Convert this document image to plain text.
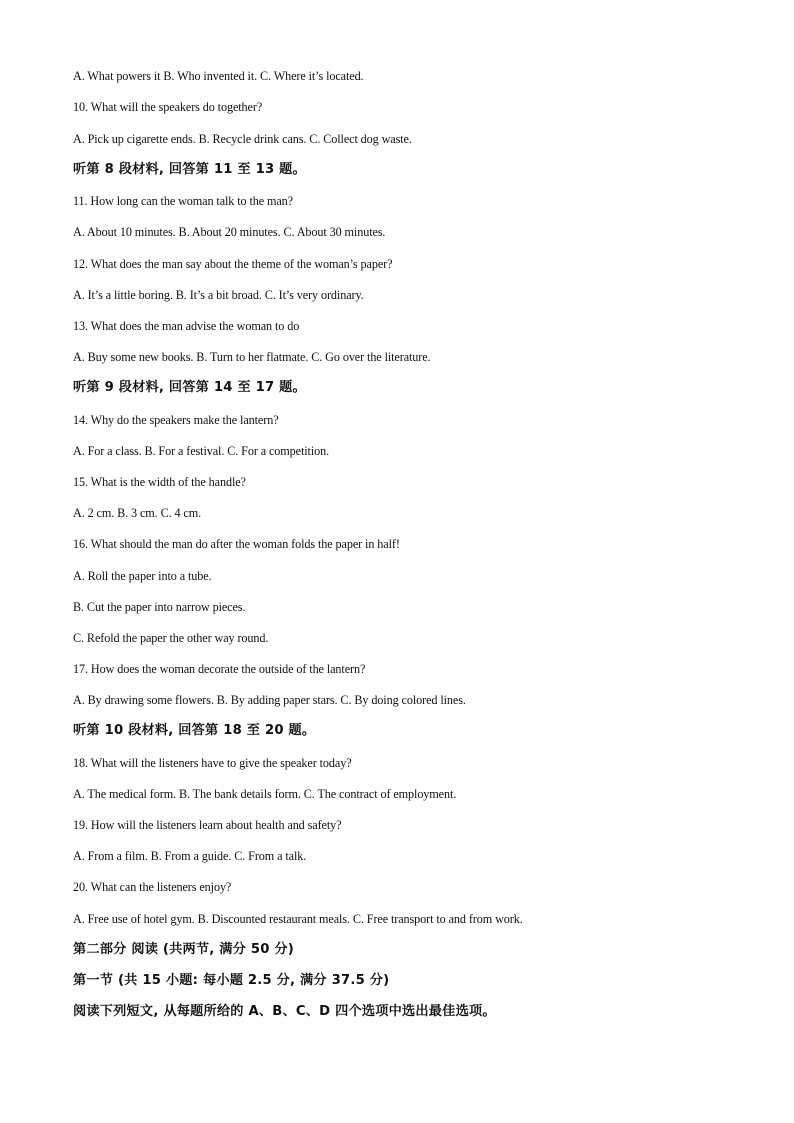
A. What powers it B. Who invented it. C. Where it’s located.
10. What will the speakers do together?
A. Pick up cigarette ends. B. Recycle drink cans. C. Collect dog waste.
听第 8 段材料, 回答第 11 至 13 题。
11. How long can the woman talk to the man?
A. About 10 minutes. B. About 20 minutes. C. About 30 minutes.
12. What does the man say about the theme of the woman’s paper?
A. It’s a little boring. B. It’s a bit broad. C. It’s very ordinary.
13. What does the man advise the woman to do
A. Buy some new books. B. Turn to her flatmate. C. Go over the literature.
听第 9 段材料, 回答第 14 至 17 题。
14. Why do the speakers make the lantern?
A. For a class. B. For a festival. C. For a competition.
15. What is the width of the handle?
A. 2 cm. B. 3 cm. C. 4 cm.
16. What should the man do after the woman folds the paper in half!
A. Roll the paper into a tube.
B. Cut the paper into narrow pieces.
C. Refold the paper the other way round.
17. How does the woman decorate the outside of the lantern?
A. By drawing some flowers. B. By adding paper stars. C. By doing colored lines.
听第 10 段材料, 回答第 18 至 20 题。
18. What will the listeners have to give the speaker today?
A. The medical form. B. The bank details form. C. The contract of employment.
19. How will the listeners learn about health and safety?
A. From a film. B. From a guide. C. From a talk.
20. What can the listeners enjoy?
A. Free use of hotel gym. B. Discounted restaurant meals. C. Free transport to and from work.
第二部分 阅读 (共两节, 满分 50 分)
第一节 (共 15 小题: 每小题 2.5 分, 满分 37.5 分)
阅读下列短文, 从每题所给的 A、B、C、D 四个选项中选出最佳选项。
